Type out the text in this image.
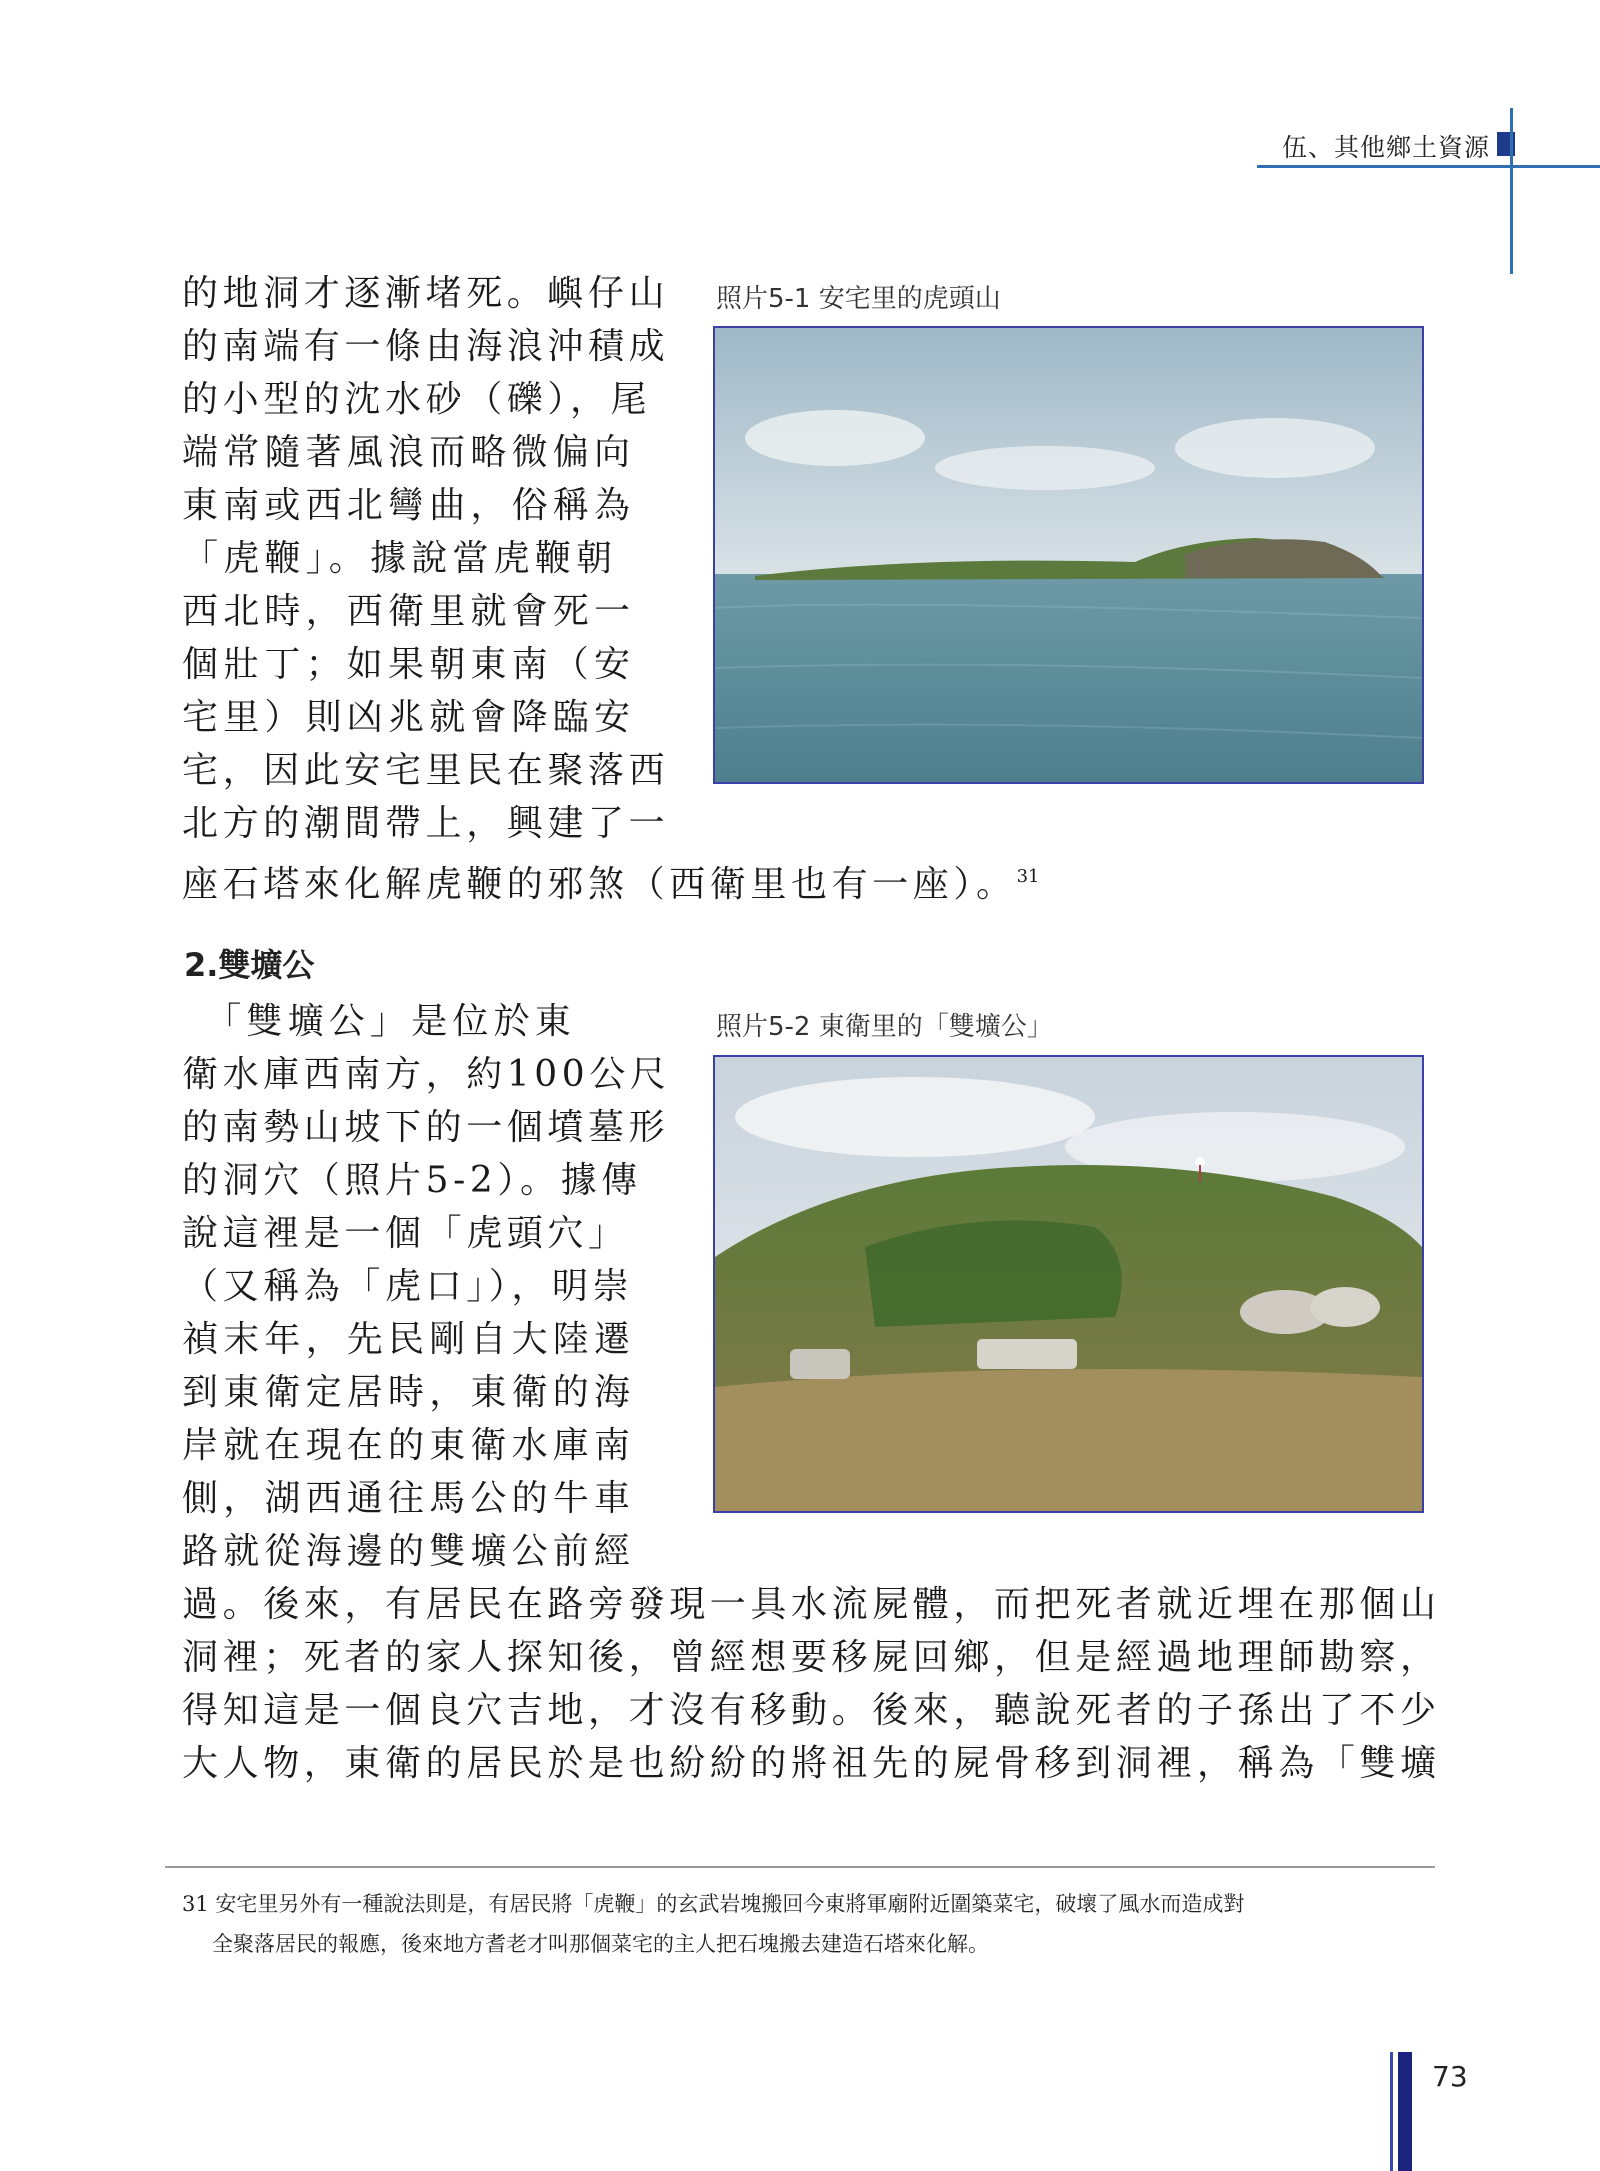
伍、其他鄉土資源
的地洞才逐漸堵死。嶼仔山
的南端有一條由海浪沖積成
的小型的沈水砂（礫），尾
端常隨著風浪而略微偏向
東南或西北彎曲，俗稱為
「虎鞭」。據說當虎鞭朝
西北時，西衛里就會死一
個壯丁；如果朝東南（安
宅里）則凶兆就會降臨安
宅，因此安宅里民在聚落西
北方的潮間帶上，興建了一
座石塔來化解虎鞭的邪煞（西衛里也有一座）。$^{31}$
照片5-1 安宅里的虎頭山
2.雙壙公
　「雙壙公」是位於東
衛水庫西南方，約100公尺
的南勢山坡下的一個墳墓形
的洞穴（照片5-2）。據傳
說這裡是一個「虎頭穴」
（又稱為「虎口」），明崇
禎末年，先民剛自大陸遷
到東衛定居時，東衛的海
岸就在現在的東衛水庫南
側，湖西通往馬公的牛車
路就從海邊的雙壙公前經
過。後來，有居民在路旁發現一具水流屍體，而把死者就近埋在那個山
洞裡；死者的家人探知後，曾經想要移屍回鄉，但是經過地理師勘察，
得知這是一個良穴吉地，才沒有移動。後來，聽說死者的子孫出了不少
大人物，東衛的居民於是也紛紛的將祖先的屍骨移到洞裡，稱為「雙壙
照片5-2 東衛里的「雙壙公」
31 安宅里另外有一種說法則是，有居民將「虎鞭」的玄武岩塊搬回今東將軍廟附近圍築菜宅，破壞了風水而造成對
全聚落居民的報應，後來地方耆老才叫那個菜宅的主人把石塊搬去建造石塔來化解。
73
